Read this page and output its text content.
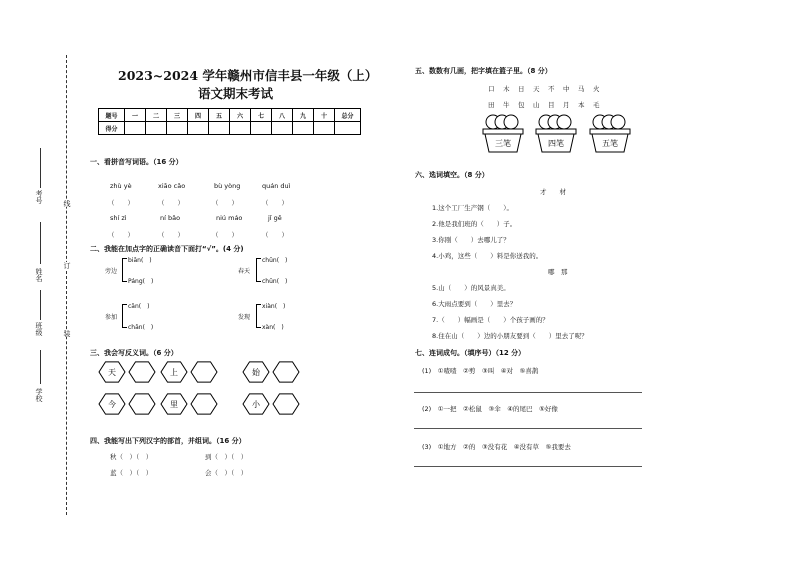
考号
姓名
班级
学校
线
订
装
2023~2024 学年赣州市信丰县一年级（上）
语文期末考试
题号	一	二	三	四	五	六	七	八	九	十	总分
得分											
一、看拼音写词语。（16 分）
zhù yè	xiāo cǎo	bù yòng	quán duì
（　　）	（　　）	（　　）	（　　）
shí zì	ní bǎo	niú máo	jǐ gē
（　　）	（　　）	（　　）	（　　）
二、我能在加点字的正确读音下面打“√”。(4 分)
旁边
biān(　)
Páng(　)
春天
chūn(　)
chūn(　)
参加
cān(　)
chān(　)
发现
xiàn(　)
xàn(　)
三、我会写反义词。（6 分）
天	上	始
今	里	小
四、我能写出下列汉字的部首，并组词。（16 分）
秋（　）（　）	到（　）（　）
蓝（　）（　）	会（　）（　）
五、数数有几画，把字填在篮子里。（8 分）
口　木　日　天　不　中　马　火
田　牛　包　山　目　月　本　毛
三笔	四笔	五笔
六、选词填空。（8 分）
才　　材
1.这个工厂生产钢（　　）。
2.他是我们班的（　　）子。
3.你刚（　　）去哪儿了？
4.小鸡，这些（　　）料是你送我的。
哪　那
5.山（　　）的风景真美。
6.大雨点要到（　　）里去？
7.（　　）幅画是（　　）个孩子画的？
8.住在山（　　）边的小朋友要到（　　）里去了呢？
七、连词成句。（填序号）（12 分）
(1)　①喳喳　②剪　③叫　④对　⑤喜鹊
(2)　①一把　②松鼠　③伞　④的尾巴　⑤好像
(3)　①地方　②的　③没有花　④没有草　⑤我要去
